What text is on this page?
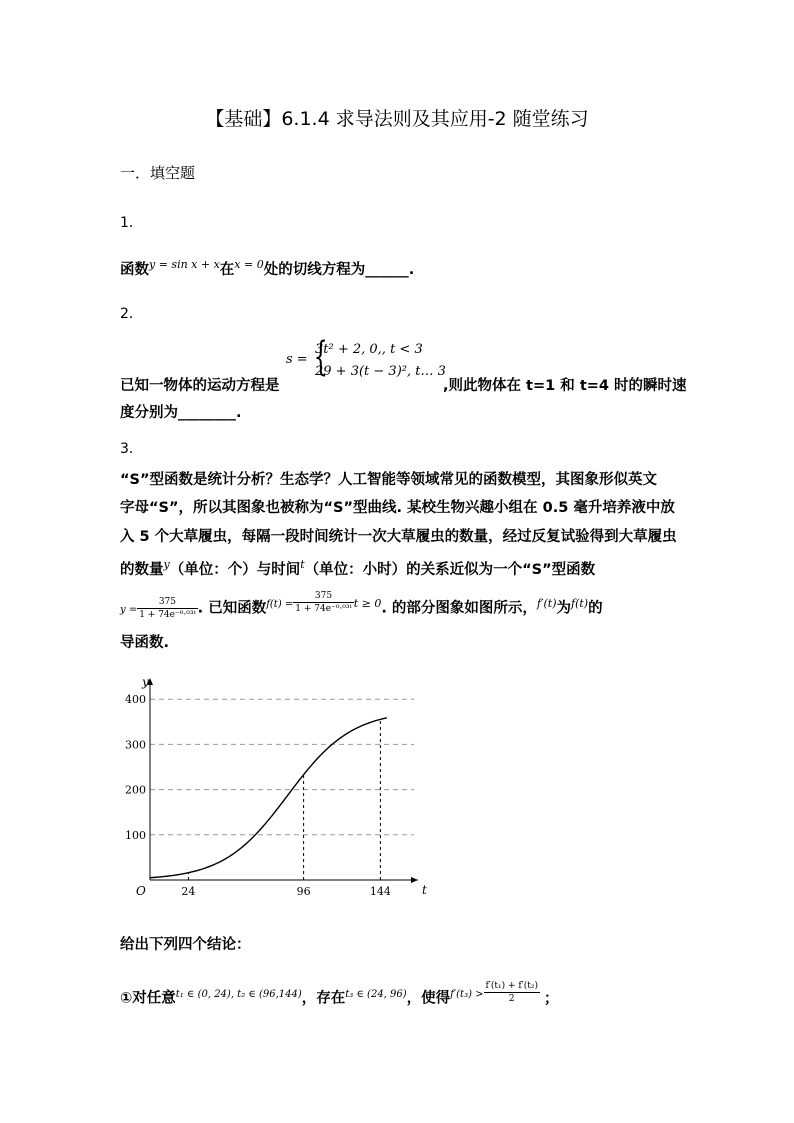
【基础】6.1.4 求导法则及其应用-2 随堂练习
一．填空题
1．
函数$^{y = sin x + x}$在$^{x = 0}$处的切线方程为______.
2．
s = {
3t² + 2, 0,, t < 3
29 + 3(t − 3)², t… 3
已知一物体的运动方程是	,则此物体在 t=1 和 t=4 时的瞬时速
度分别为________.
3．
“S”型函数是统计分析？生态学？人工智能等领域常见的函数模型，其图象形似英文
字母“S”，所以其图象也被称为“S”型曲线. 某校生物兴趣小组在 0.5 毫升培养液中放
入 5 个大草履虫，每隔一段时间统计一次大草履虫的数量，经过反复试验得到大草履虫
的数量$^y$（单位：个）与时间$^t$（单位：小时）的关系近似为一个“S”型函数
$y = \frac{375}{\text{1 + 74e⁻⁰·⁰³ᵗ}}$ . 已知函数$^{f(t) =} \frac{375}{\text{1 + 74e⁻⁰·⁰³ᵗ}} ^{t \ge 0}$. 的部分图象如图所示，$^{f'(t)}$为$^{f(t)}$的
导函数.
100
200
300
400
24	96	144	t
y
O
给出下列四个结论：
①对任意$^{t_1 \in (0, 24), t_2 \in (96,144)}$，存在$^{t_3 \in (24, 96)}$，使得$^{f'(t_3) >} \frac{\text{f′(t₁) + f′(t₂)}}{2}$ ；
